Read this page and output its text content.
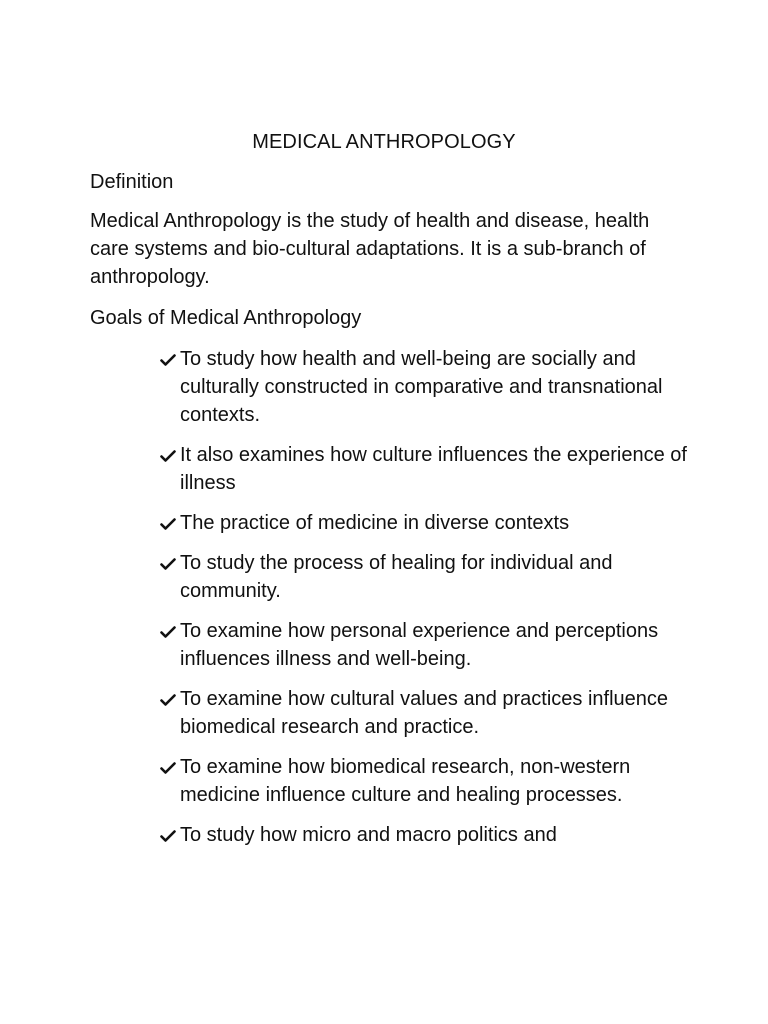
MEDICAL ANTHROPOLOGY
Definition

Medical Anthropology is the study of health and disease, health care systems and bio-cultural adaptations. It is a sub-branch of anthropology.

Goals of Medical Anthropology
To study how health and well-being are socially and culturally constructed in comparative and transnational contexts.
It also examines how culture influences the experience of illness
The practice of medicine in diverse contexts
To study the process of healing for individual and community.
To examine how personal experience and perceptions influences illness and well-being.
To examine how cultural values and practices influence biomedical research and practice.
To examine how biomedical research, non-western medicine influence culture and healing processes.
To study how micro and macro politics and
